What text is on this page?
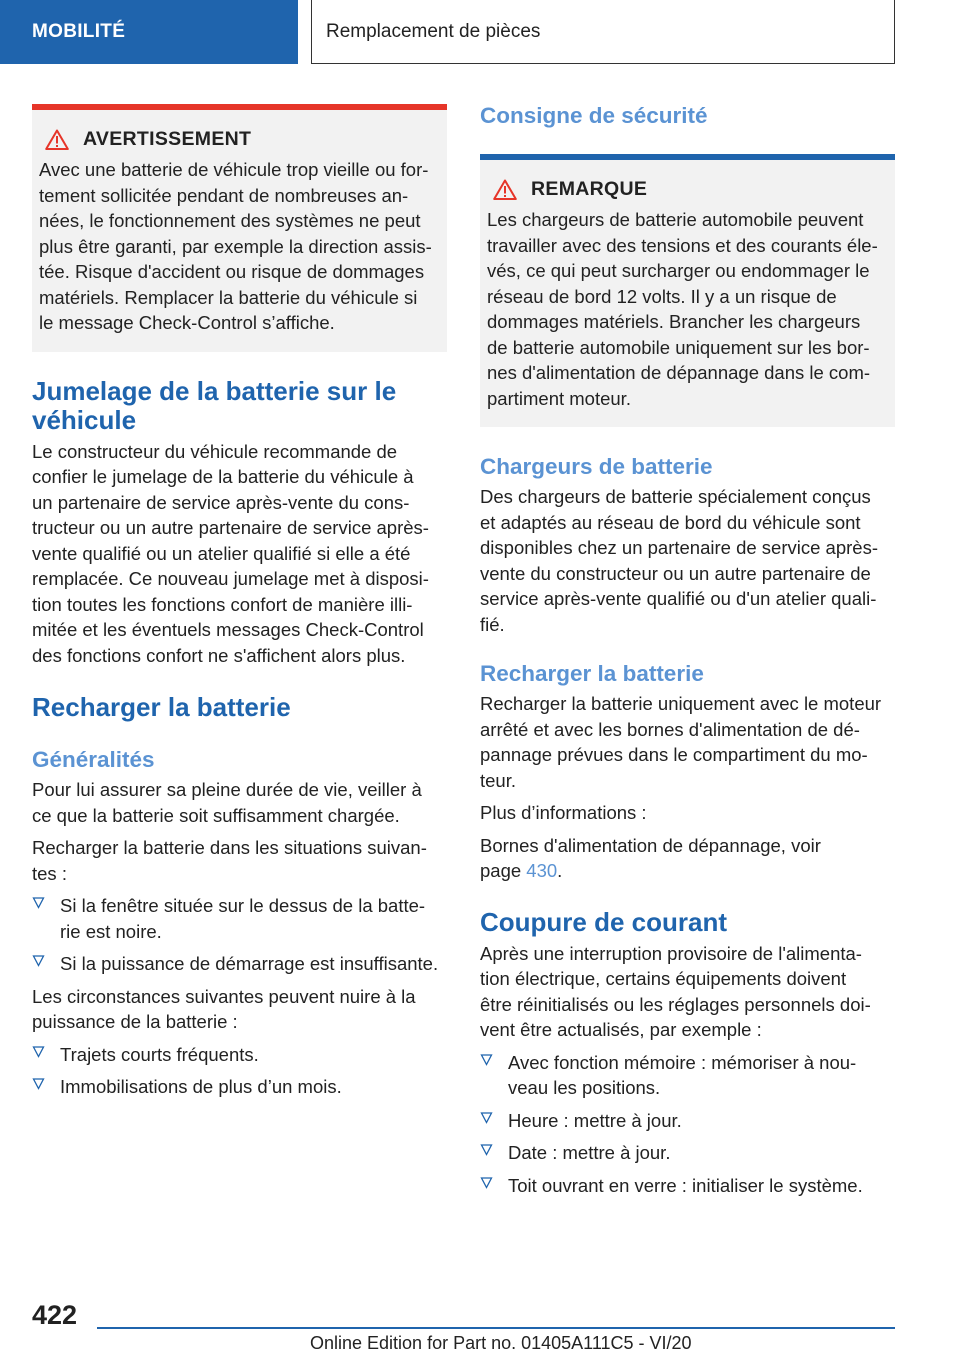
MOBILITÉ	Remplacement de pièces
AVERTISSEMENT
Avec une batterie de véhicule trop vieille ou for-
tement sollicitée pendant de nombreuses an-
nées, le fonctionnement des systèmes ne peut
plus être garanti, par exemple la direction assis-
tée. Risque d'accident ou risque de dommages
matériels. Remplacer la batterie du véhicule si
le message Check-Control s’affiche.
Jumelage de la batterie sur le
véhicule

Le constructeur du véhicule recommande de
confier le jumelage de la batterie du véhicule à
un partenaire de service après-vente du cons-
tructeur ou un autre partenaire de service après-
vente qualifié ou un atelier qualifié si elle a été
remplacée. Ce nouveau jumelage met à disposi-
tion toutes les fonctions confort de manière illi-
mitée et les éventuels messages Check-Control
des fonctions confort ne s'affichent alors plus.

Recharger la batterie
Généralités

Pour lui assurer sa pleine durée de vie, veiller à
ce que la batterie soit suffisamment chargée.

Recharger la batterie dans les situations suivan-
tes :

Si la fenêtre située sur le dessus de la batte-
rie est noire.
Si la puissance de démarrage est insuffisante.

Les circonstances suivantes peuvent nuire à la
puissance de la batterie :

Trajets courts fréquents.
Immobilisations de plus d’un mois.
Consigne de sécurité
REMARQUE
Les chargeurs de batterie automobile peuvent
travailler avec des tensions et des courants éle-
vés, ce qui peut surcharger ou endommager le
réseau de bord 12 volts. Il y a un risque de
dommages matériels. Brancher les chargeurs
de batterie automobile uniquement sur les bor-
nes d'alimentation de dépannage dans le com-
partiment moteur.
Chargeurs de batterie

Des chargeurs de batterie spécialement conçus
et adaptés au réseau de bord du véhicule sont
disponibles chez un partenaire de service après-
vente du constructeur ou un autre partenaire de
service après-vente qualifié ou d'un atelier quali-
fié.

Recharger la batterie

Recharger la batterie uniquement avec le moteur
arrêté et avec les bornes d'alimentation de dé-
pannage prévues dans le compartiment du mo-
teur.

Plus d’informations :

Bornes d'alimentation de dépannage, voir
page 430.

Coupure de courant

Après une interruption provisoire de l'alimenta-
tion électrique, certains équipements doivent
être réinitialisés ou les réglages personnels doi-
vent être actualisés, par exemple :

Avec fonction mémoire : mémoriser à nou-
veau les positions.
Heure : mettre à jour.
Date : mettre à jour.
Toit ouvrant en verre : initialiser le système.
422
Online Edition for Part no. 01405A111C5 - VI/20
